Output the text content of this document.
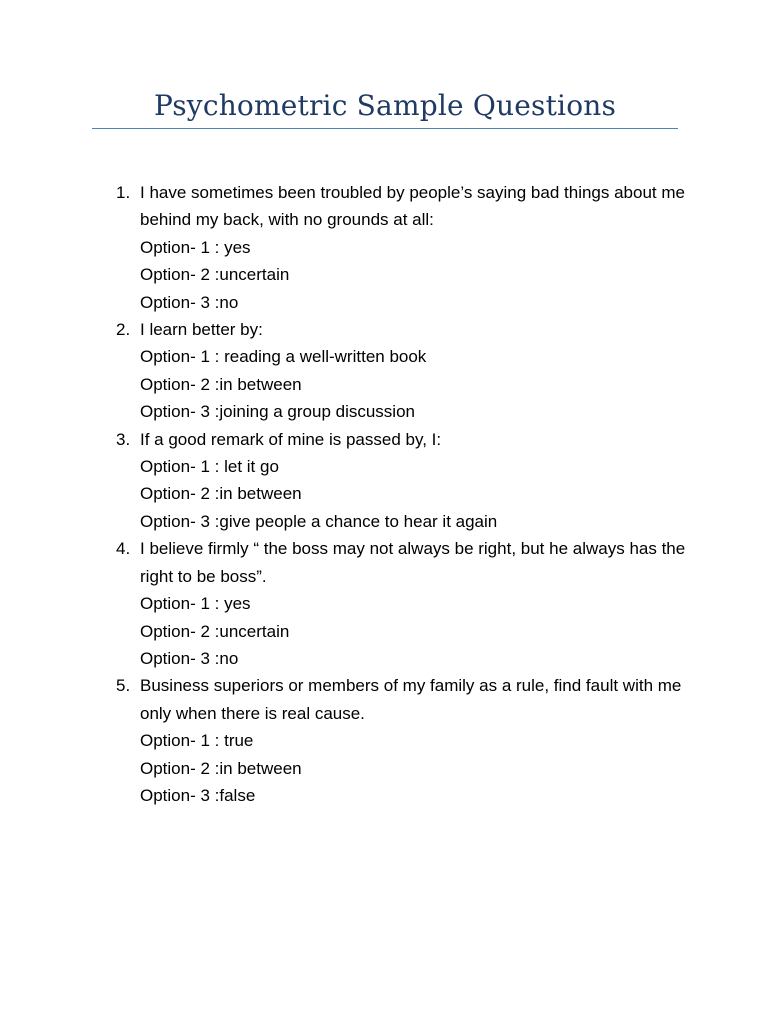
Psychometric Sample Questions
1. I have sometimes been troubled by people’s saying bad things about me behind my back, with no grounds at all:
Option- 1 : yes
Option- 2 :uncertain
Option- 3 :no
2. I learn better by:
Option- 1 : reading a well-written book
Option- 2 :in between
Option- 3 :joining a group discussion
3. If a good remark of mine is passed by, I:
Option- 1 : let it go
Option- 2 :in between
Option- 3 :give people a chance to hear it again
4. I believe firmly “ the boss may not always be right, but he always has the right to be boss”.
Option- 1 : yes
Option- 2 :uncertain
Option- 3 :no
5. Business superiors or members of my family as a rule, find fault with me only when there is real cause.
Option- 1 : true
Option- 2 :in between
Option- 3 :false
